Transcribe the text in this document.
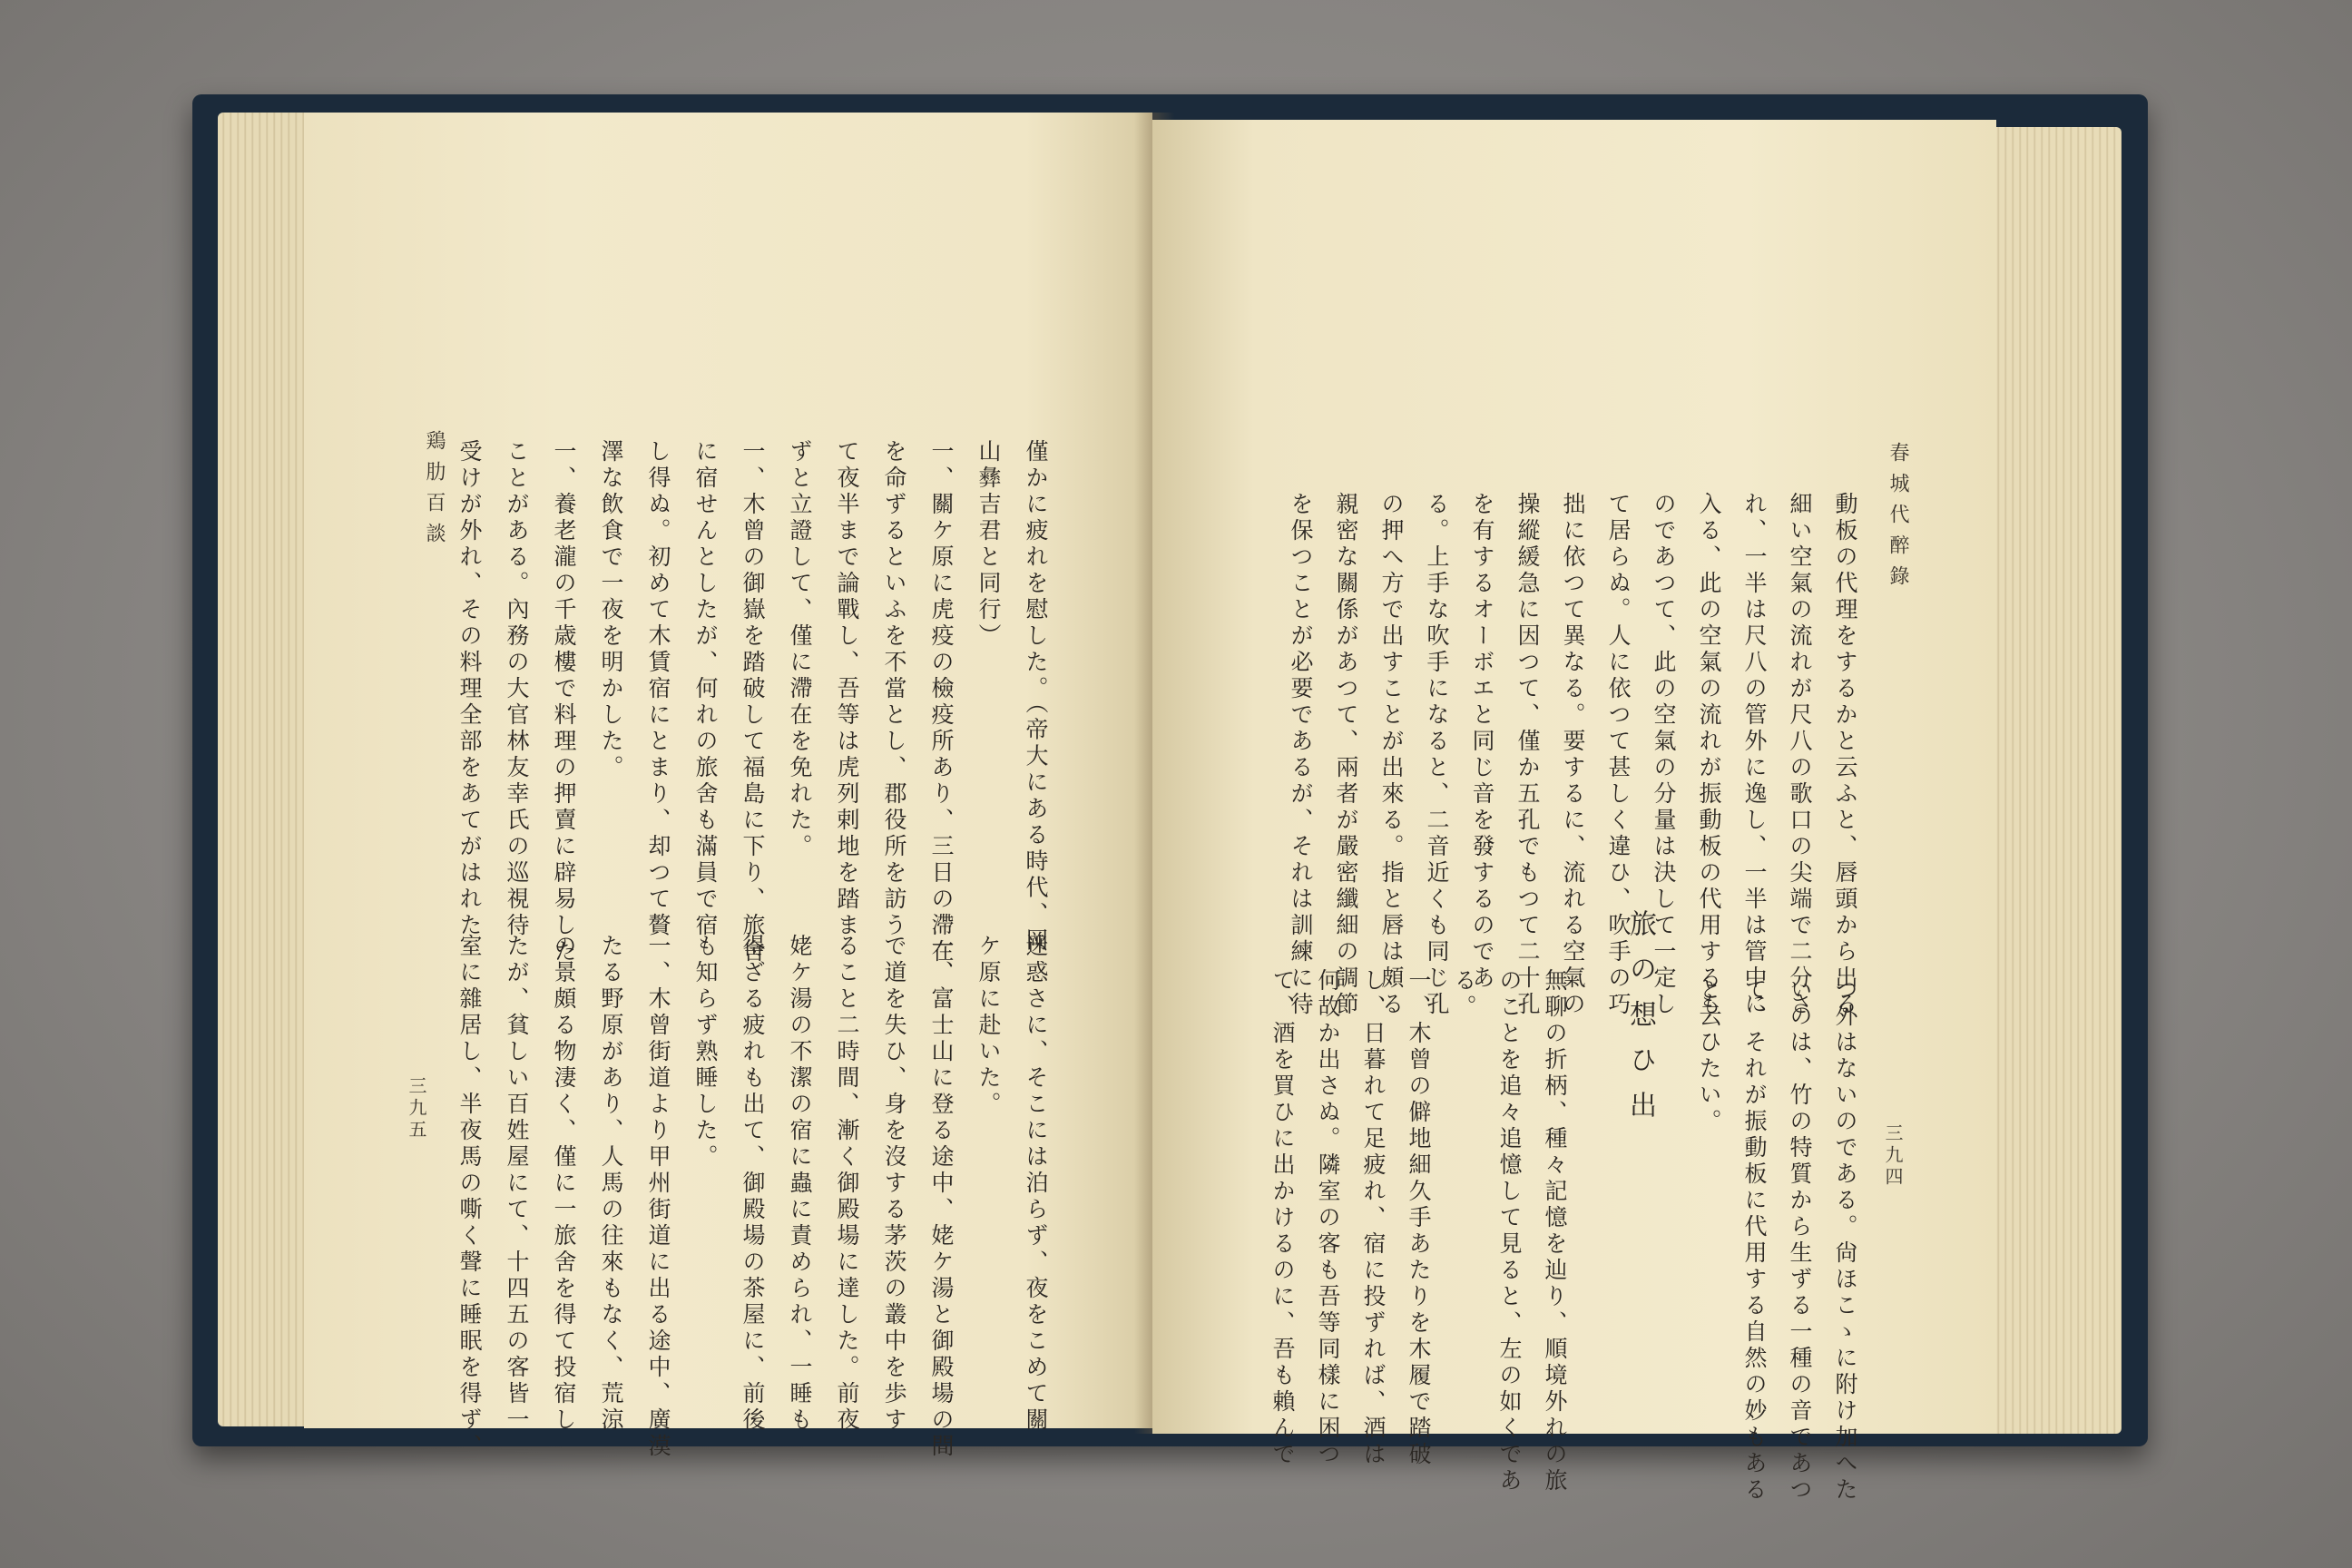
鶏肋百談
三九五
僅かに疲れを慰した。（帝大にある時代、岡
山彝吉君と同行）
一、關ケ原に虎疫の檢疫所あり、三日の滯在
を命ずるといふを不當とし、郡役所を訪う
て夜半まで論戰し、吾等は虎列剌地を踏ま
ずと立證して、僅に滯在を免れた。
一、木曾の御嶽を踏破して福島に下り、旅舍
に宿せんとしたが、何れの旅舍も滿員で宿
し得ぬ。初めて木賃宿にとまり、却つて贅
澤な飲食で一夜を明かした。
一、養老瀧の千歳樓で料理の押賣に辟易した
ことがある。內務の大官林友幸氏の巡視待
受けが外れ、その料理全部をあてがはれた
迷惑さに、そこには泊らず、夜をこめて關
ケ原に赴いた。
一、富士山に登る途中、姥ケ湯と御殿場の間
で道を失ひ、身を沒する茅茨の叢中を歩す
ること二時間、漸く御殿場に達した。前夜
姥ケ湯の不潔の宿に蟲に責められ、一睡も
得ざる疲れも出て、御殿場の茶屋に、前後
も知らず熟睡した。
一、木曾街道より甲州街道に出る途中、廣漠
たる野原があり、人馬の往來もなく、荒涼
の景頗る物淒く、僅に一旅舍を得て投宿し
たが、貧しい百姓屋にて、十四五の客皆一
室に雜居し、半夜馬の嘶く聲に睡眠を得ず、
春城代醉錄
三九四
動板の代理をするかと云ふと、唇頭から出る
細い空氣の流れが尺八の歌口の尖端で二分さ
れ、一半は尺八の管外に逸し、一半は管中に
入る、此の空氣の流れが振動板の代用するも
のであつて、此の空氣の分量は決して一定し
て居らぬ。人に依つて甚しく違ひ、吹手の巧
拙に依つて異なる。要するに、流れる空氣の
操縱緩急に因つて、僅か五孔でもつて二十孔
を有するオーボエと同じ音を發するのであ
る。上手な吹手になると、二音近くも同じ孔
の押へ方で出すことが出來る。指と唇は頗る
親密な關係があつて、兩者が嚴密纖細の調節
を保つことが必要であるが、それは訓練に待
つ外はないのである。尙ほこゝに附け加へた
いのは、竹の特質から生ずる一種の音であつ
て、それが振動板に代用する自然の妙もある
と云ひたい。
旅の想ひ出
無聊の折柄、種々記憶を辿り、順境外れの旅
のことを追々追憶して見ると、左の如くであ
る。
一、木曾の僻地細久手あたりを木履で踏破
し、日暮れて足疲れ、宿に投ずれば、酒は
何故か出さぬ。隣室の客も吾等同樣に困つ
て、酒を買ひに出かけるのに、吾も賴んで
